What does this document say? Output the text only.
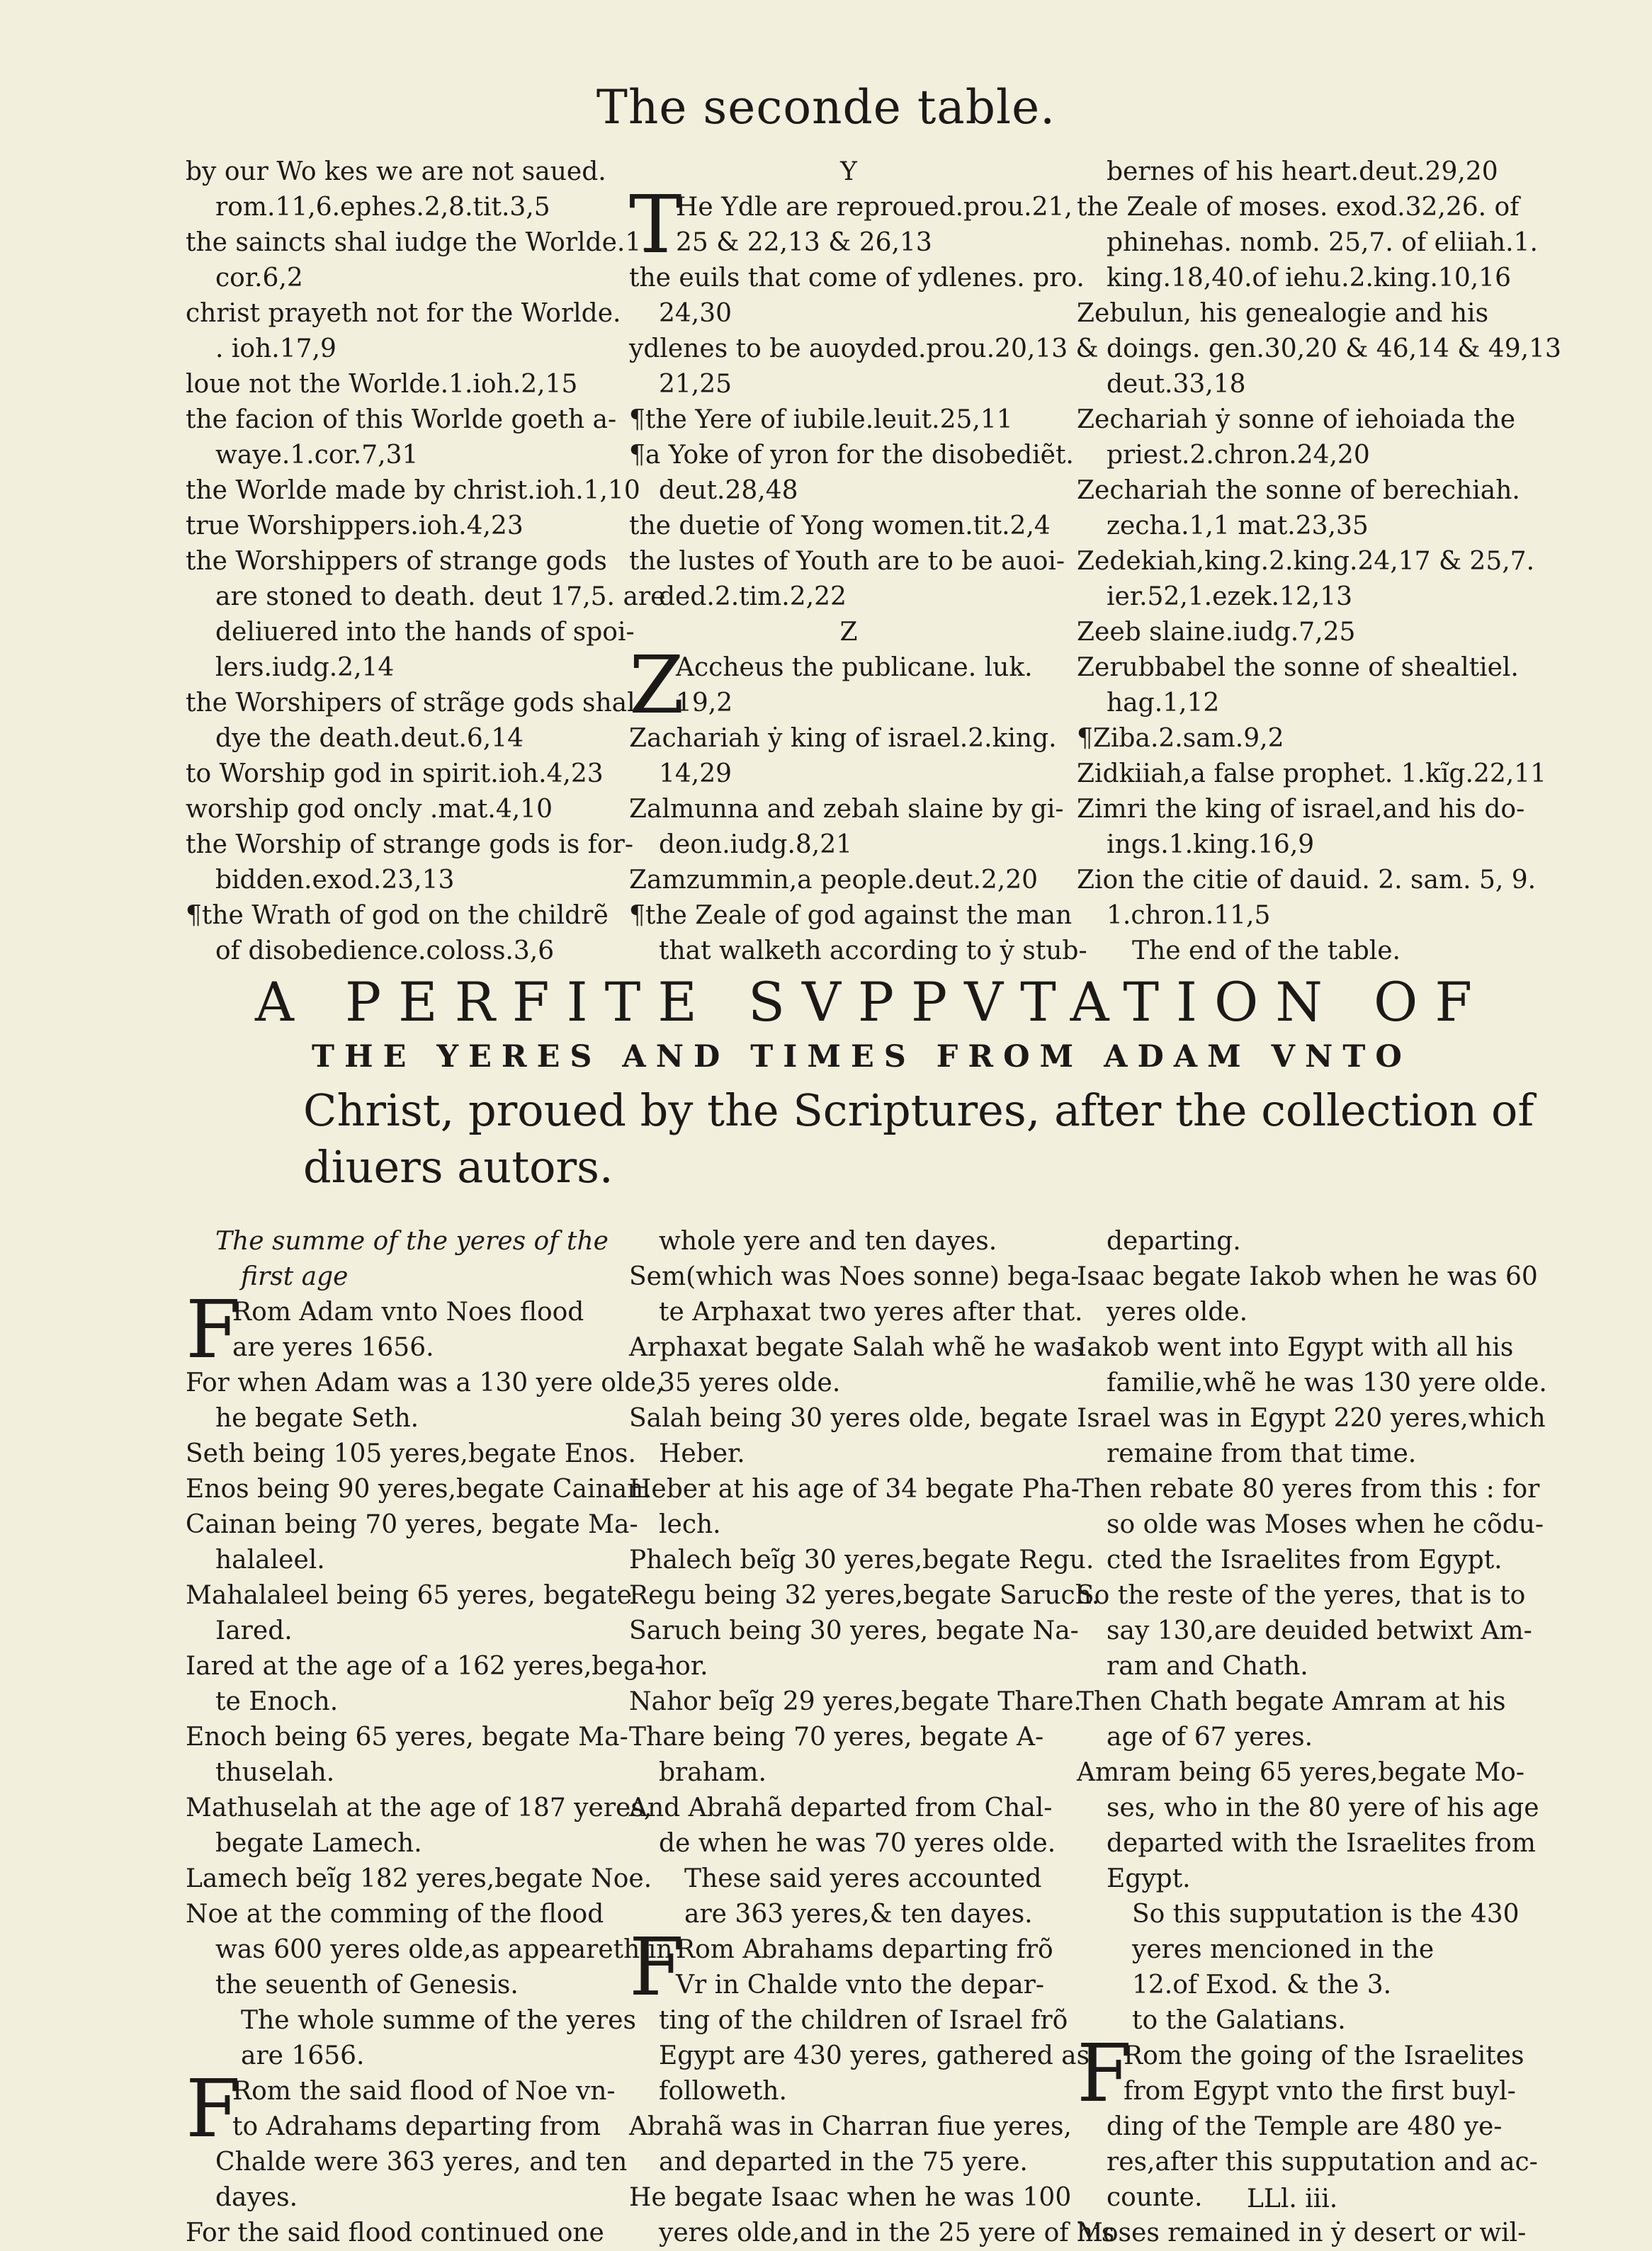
The seconde table.
by our Wo kes we are not saued.
rom.11,6.ephes.2,8.tit.3,5
the saincts shal iudge the Worlde.1.
cor.6,2
christ prayeth not for the Worlde.
. ioh.17,9
loue not the Worlde.1.ioh.2,15
the facion of this Worlde goeth a-
waye.1.cor.7,31
the Worlde made by christ.ioh.1,10
true Worshippers.ioh.4,23
the Worshippers of strange gods
are stoned to death. deut 17,5. are
deliuered into the hands of spoi-
lers.iudg.2,14
the Worshipers of strãge gods shal
dye the death.deut.6,14
to Worship god in spirit.ioh.4,23
worship god oncly .mat.4,10
the Worship of strange gods is for-
bidden.exod.23,13
¶the Wrath of god on the childrẽ
of disobedience.coloss.3,6
Y
T
He Ydle are reproued.prou.21,
25 & 22,13 & 26,13
the euils that come of ydlenes. pro.
24,30
ydlenes to be auoyded.prou.20,13 &
21,25
¶the Yere of iubile.leuit.25,11
¶a Yoke of yron for the disobediẽt.
deut.28,48
the duetie of Yong women.tit.2,4
the lustes of Youth are to be auoi-
ded.2.tim.2,22
Z
Z
Accheus the publicane. luk.
19,2
Zachariah ẏ king of israel.2.king.
14,29
Zalmunna and zebah slaine by gi-
deon.iudg.8,21
Zamzummin,a people.deut.2,20
¶the Zeale of god against the man
that walketh according to ẏ stub-
bernes of his heart.deut.29,20
the Zeale of moses. exod.32,26. of
phinehas. nomb. 25,7. of eliiah.1.
king.18,40.of iehu.2.king.10,16
Zebulun, his genealogie and his
doings. gen.30,20 & 46,14 & 49,13
deut.33,18
Zechariah ẏ sonne of iehoiada the
priest.2.chron.24,20
Zechariah the sonne of berechiah.
zecha.1,1 mat.23,35
Zedekiah,king.2.king.24,17 & 25,7.
ier.52,1.ezek.12,13
Zeeb slaine.iudg.7,25
Zerubbabel the sonne of shealtiel.
hag.1,12
¶Ziba.2.sam.9,2
Zidkiiah,a false prophet. 1.kĩg.22,11
Zimri the king of israel,and his do-
ings.1.king.16,9
Zion the citie of dauid. 2. sam. 5, 9.
1.chron.11,5
The end of the table.
A PERFITE SVPPVTATION OF
THE YERES AND TIMES FROM ADAM VNTO
Christ, proued by the Scriptures, after the collection of
diuers autors.
The summe of the yeres of the
first age
F
Rom Adam vnto Noes flood
are yeres 1656.
For when Adam was a 130 yere olde,
he begate Seth.
Seth being 105 yeres,begate Enos.
Enos being 90 yeres,begate Cainan.
Cainan being 70 yeres, begate Ma-
halaleel.
Mahalaleel being 65 yeres, begate
Iared.
Iared at the age of a 162 yeres,bega-
te Enoch.
Enoch being 65 yeres, begate Ma-
thuselah.
Mathuselah at the age of 187 yeres,
begate Lamech.
Lamech beĩg 182 yeres,begate Noe.
Noe at the comming of the flood
was 600 yeres olde,as appeareth in
the seuenth of Genesis.
The whole summe of the yeres
are 1656.
F
Rom the said flood of Noe vn-
to Adrahams departing from
Chalde were 363 yeres, and ten
dayes.
For the said flood continued one
whole yere and ten dayes.
Sem(which was Noes sonne) bega-
te Arphaxat two yeres after that.
Arphaxat begate Salah whẽ he was
35 yeres olde.
Salah being 30 yeres olde, begate
Heber.
Heber at his age of 34 begate Pha-
lech.
Phalech beĩg 30 yeres,begate Regu.
Regu being 32 yeres,begate Saruch.
Saruch being 30 yeres, begate Na-
hor.
Nahor beĩg 29 yeres,begate Thare.
Thare being 70 yeres, begate A-
braham.
And Abrahã departed from Chal-
de when he was 70 yeres olde.
These said yeres accounted
are 363 yeres,& ten dayes.
F
Rom Abrahams departing frõ
Vr in Chalde vnto the depar-
ting of the children of Israel frõ
Egypt are 430 yeres, gathered as
followeth.
Abrahã was in Charran fiue yeres,
and departed in the 75 yere.
He begate Isaac when he was 100
yeres olde,and in the 25 yere of his
departing.
Isaac begate Iakob when he was 60
yeres olde.
Iakob went into Egypt with all his
familie,whẽ he was 130 yere olde.
Israel was in Egypt 220 yeres,which
remaine from that time.
Then rebate 80 yeres from this : for
so olde was Moses when he cõdu-
cted the Israelites from Egypt.
So the reste of the yeres, that is to
say 130,are deuided betwixt Am-
ram and Chath.
Then Chath begate Amram at his
age of 67 yeres.
Amram being 65 yeres,begate Mo-
ses, who in the 80 yere of his age
departed with the Israelites from
Egypt.
So this supputation is the 430
yeres mencioned in the
12.of Exod. & the 3.
to the Galatians.
F
Rom the going of the Israelites
from Egypt vnto the first buyl-
ding of the Temple are 480 ye-
res,after this supputation and ac-
counte.
Moses remained in ẏ desert or wil-
LLl. iii.
